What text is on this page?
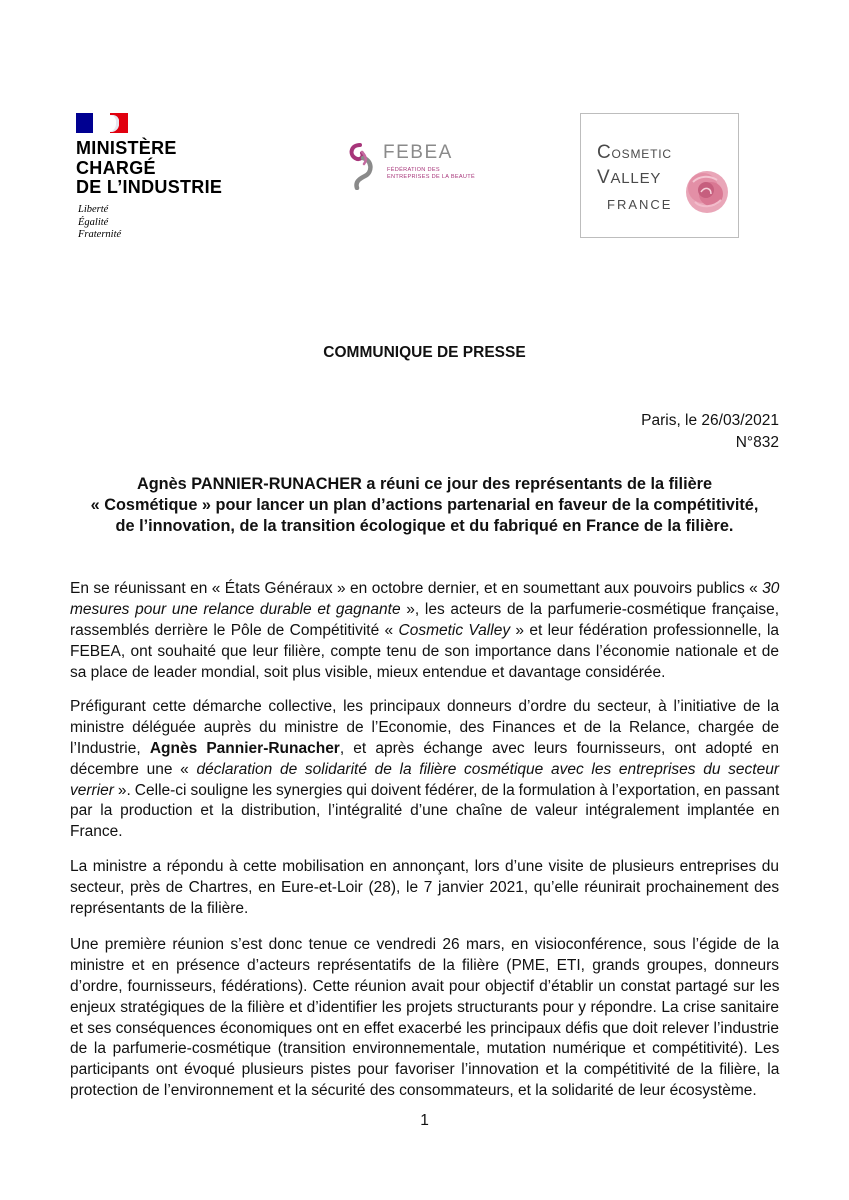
MINISTÈRE
CHARGÉ
DE L’INDUSTRIE
Liberté
Égalité
Fraternité
FEBEA
FÉDÉRATION DES
ENTREPRISES DE LA BEAUTÉ
Cosmetic
VALLEY
FRANCE
COMMUNIQUE DE PRESSE
Paris, le 26/03/2021
N°832
Agnès PANNIER-RUNACHER a réuni ce jour des représentants de la filière
« Cosmétique » pour lancer un plan d’actions partenarial en faveur de la compétitivité,
de l’innovation, de la transition écologique et du fabriqué en France de la filière.
En se réunissant en « États Généraux » en octobre dernier, et en soumettant aux pouvoirs publics « 30
mesures pour une relance durable et gagnante », les acteurs de la parfumerie-cosmétique française,
rassemblés derrière le Pôle de Compétitivité « Cosmetic Valley » et leur fédération professionnelle, la
FEBEA, ont souhaité que leur filière, compte tenu de son importance dans l’économie nationale et de
sa place de leader mondial, soit plus visible, mieux entendue et davantage considérée.
Préfigurant cette démarche collective, les principaux donneurs d’ordre du secteur, à l’initiative de la
ministre déléguée auprès du ministre de l’Economie, des Finances et de la Relance, chargée de
l’Industrie, Agnès Pannier-Runacher, et après échange avec leurs fournisseurs, ont adopté en
décembre une « déclaration de solidarité de la filière cosmétique avec les entreprises du secteur
verrier ». Celle-ci souligne les synergies qui doivent fédérer, de la formulation à l’exportation, en passant
par la production et la distribution, l’intégralité d’une chaîne de valeur intégralement implantée en
France.
La ministre a répondu à cette mobilisation en annonçant, lors d’une visite de plusieurs entreprises du
secteur, près de Chartres, en Eure-et-Loir (28), le 7 janvier 2021, qu’elle réunirait prochainement des
représentants de la filière.
Une première réunion s’est donc tenue ce vendredi 26 mars, en visioconférence, sous l’égide de la
ministre et en présence d’acteurs représentatifs de la filière (PME, ETI, grands groupes, donneurs
d’ordre, fournisseurs, fédérations). Cette réunion avait pour objectif d’établir un constat partagé sur les
enjeux stratégiques de la filière et d’identifier les projets structurants pour y répondre. La crise sanitaire
et ses conséquences économiques ont en effet exacerbé les principaux défis que doit relever l’industrie
de la parfumerie-cosmétique (transition environnementale, mutation numérique et compétitivité). Les
participants ont évoqué plusieurs pistes pour favoriser l’innovation et la compétitivité de la filière, la
protection de l’environnement et la sécurité des consommateurs, et la solidarité de leur écosystème.
1
